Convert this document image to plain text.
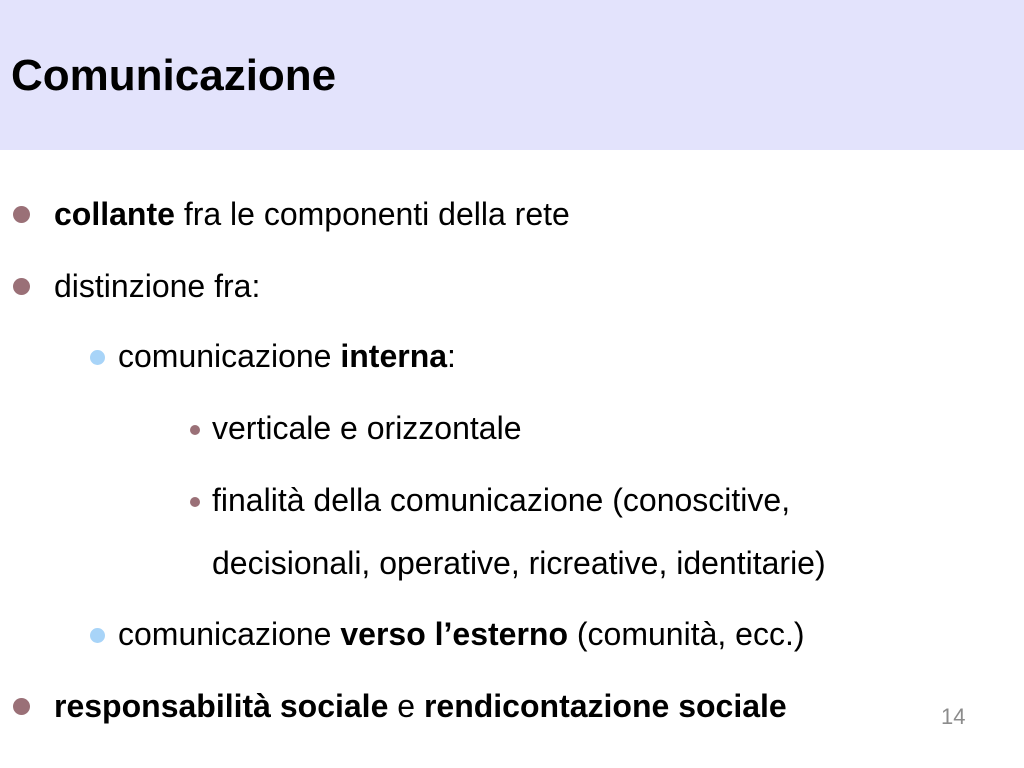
Comunicazione
collante fra le componenti della rete
distinzione fra:
comunicazione interna:
verticale e orizzontale
finalità della comunicazione (conoscitive,
decisionali, operative, ricreative, identitarie)
comunicazione verso l’esterno (comunità, ecc.)
14
responsabilità sociale e rendicontazione sociale
